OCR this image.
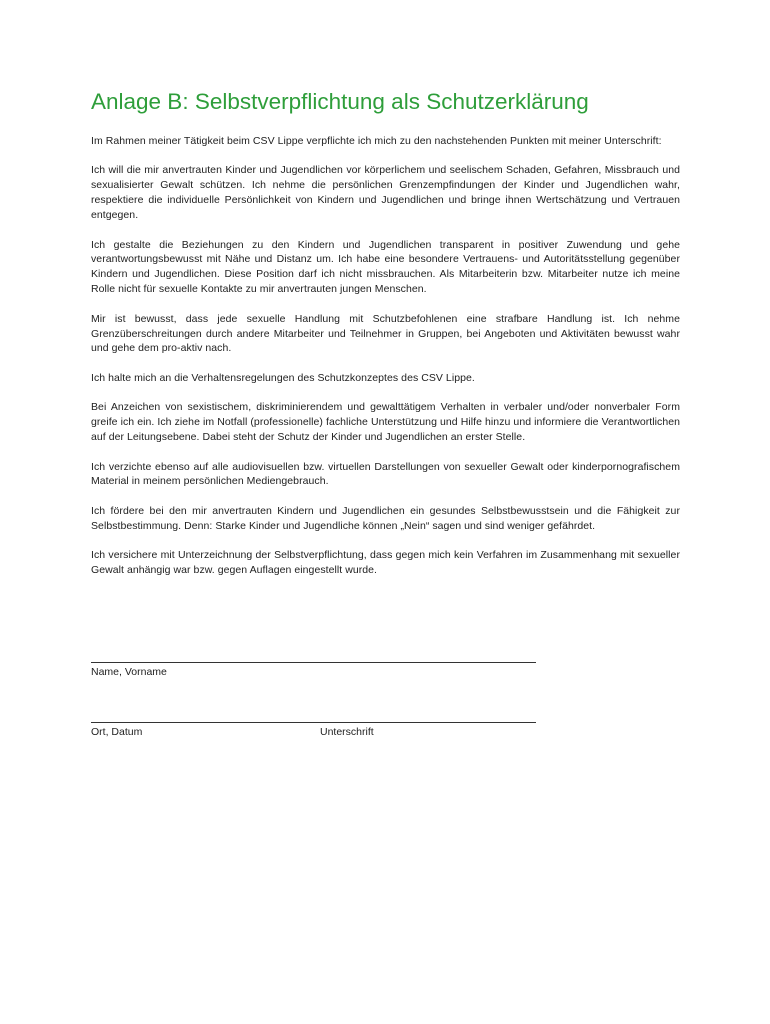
Anlage B: Selbstverpflichtung als Schutzerklärung

Im Rahmen meiner Tätigkeit beim CSV Lippe verpflichte ich mich zu den nachstehenden Punkten mit meiner Unterschrift:

Ich will die mir anvertrauten Kinder und Jugendlichen vor körperlichem und seelischem Schaden, Gefahren, Missbrauch und sexualisierter Gewalt schützen. Ich nehme die persönlichen Grenzempfindungen der Kinder und Jugendlichen wahr, respektiere die individuelle Persönlichkeit von Kindern und Jugendlichen und bringe ihnen Wertschätzung und Vertrauen entgegen.

Ich gestalte die Beziehungen zu den Kindern und Jugendlichen transparent in positiver Zuwendung und gehe verantwortungsbewusst mit Nähe und Distanz um. Ich habe eine besondere Vertrauens- und Autoritätsstellung gegenüber Kindern und Jugendlichen. Diese Position darf ich nicht missbrauchen. Als Mitarbeiterin bzw. Mitarbeiter nutze ich meine Rolle nicht für sexuelle Kontakte zu mir anvertrauten jungen Menschen.

Mir ist bewusst, dass jede sexuelle Handlung mit Schutzbefohlenen eine strafbare Handlung ist. Ich nehme Grenzüberschreitungen durch andere Mitarbeiter und Teilnehmer in Gruppen, bei Angeboten und Aktivitäten bewusst wahr und gehe dem pro-aktiv nach.

Ich halte mich an die Verhaltensregelungen des Schutzkonzeptes des CSV Lippe.

Bei Anzeichen von sexistischem, diskriminierendem und gewalttätigem Verhalten in verbaler und/oder nonverbaler Form greife ich ein. Ich ziehe im Notfall (professionelle) fachliche Unterstützung und Hilfe hinzu und informiere die Verantwortlichen auf der Leitungsebene. Dabei steht der Schutz der Kinder und Jugendlichen an erster Stelle.

Ich verzichte ebenso auf alle audiovisuellen bzw. virtuellen Darstellungen von sexueller Gewalt oder kinderpornografischem Material in meinem persönlichen Mediengebrauch.

Ich fördere bei den mir anvertrauten Kindern und Jugendlichen ein gesundes Selbstbewusstsein und die Fähigkeit zur Selbstbestimmung. Denn: Starke Kinder und Jugendliche können „Nein“ sagen und sind weniger gefährdet.

Ich versichere mit Unterzeichnung der Selbstverpflichtung, dass gegen mich kein Verfahren im Zusammenhang mit sexueller Gewalt anhängig war bzw. gegen Auflagen eingestellt wurde.

Name, Vorname
Ort, Datum	Unterschrift
